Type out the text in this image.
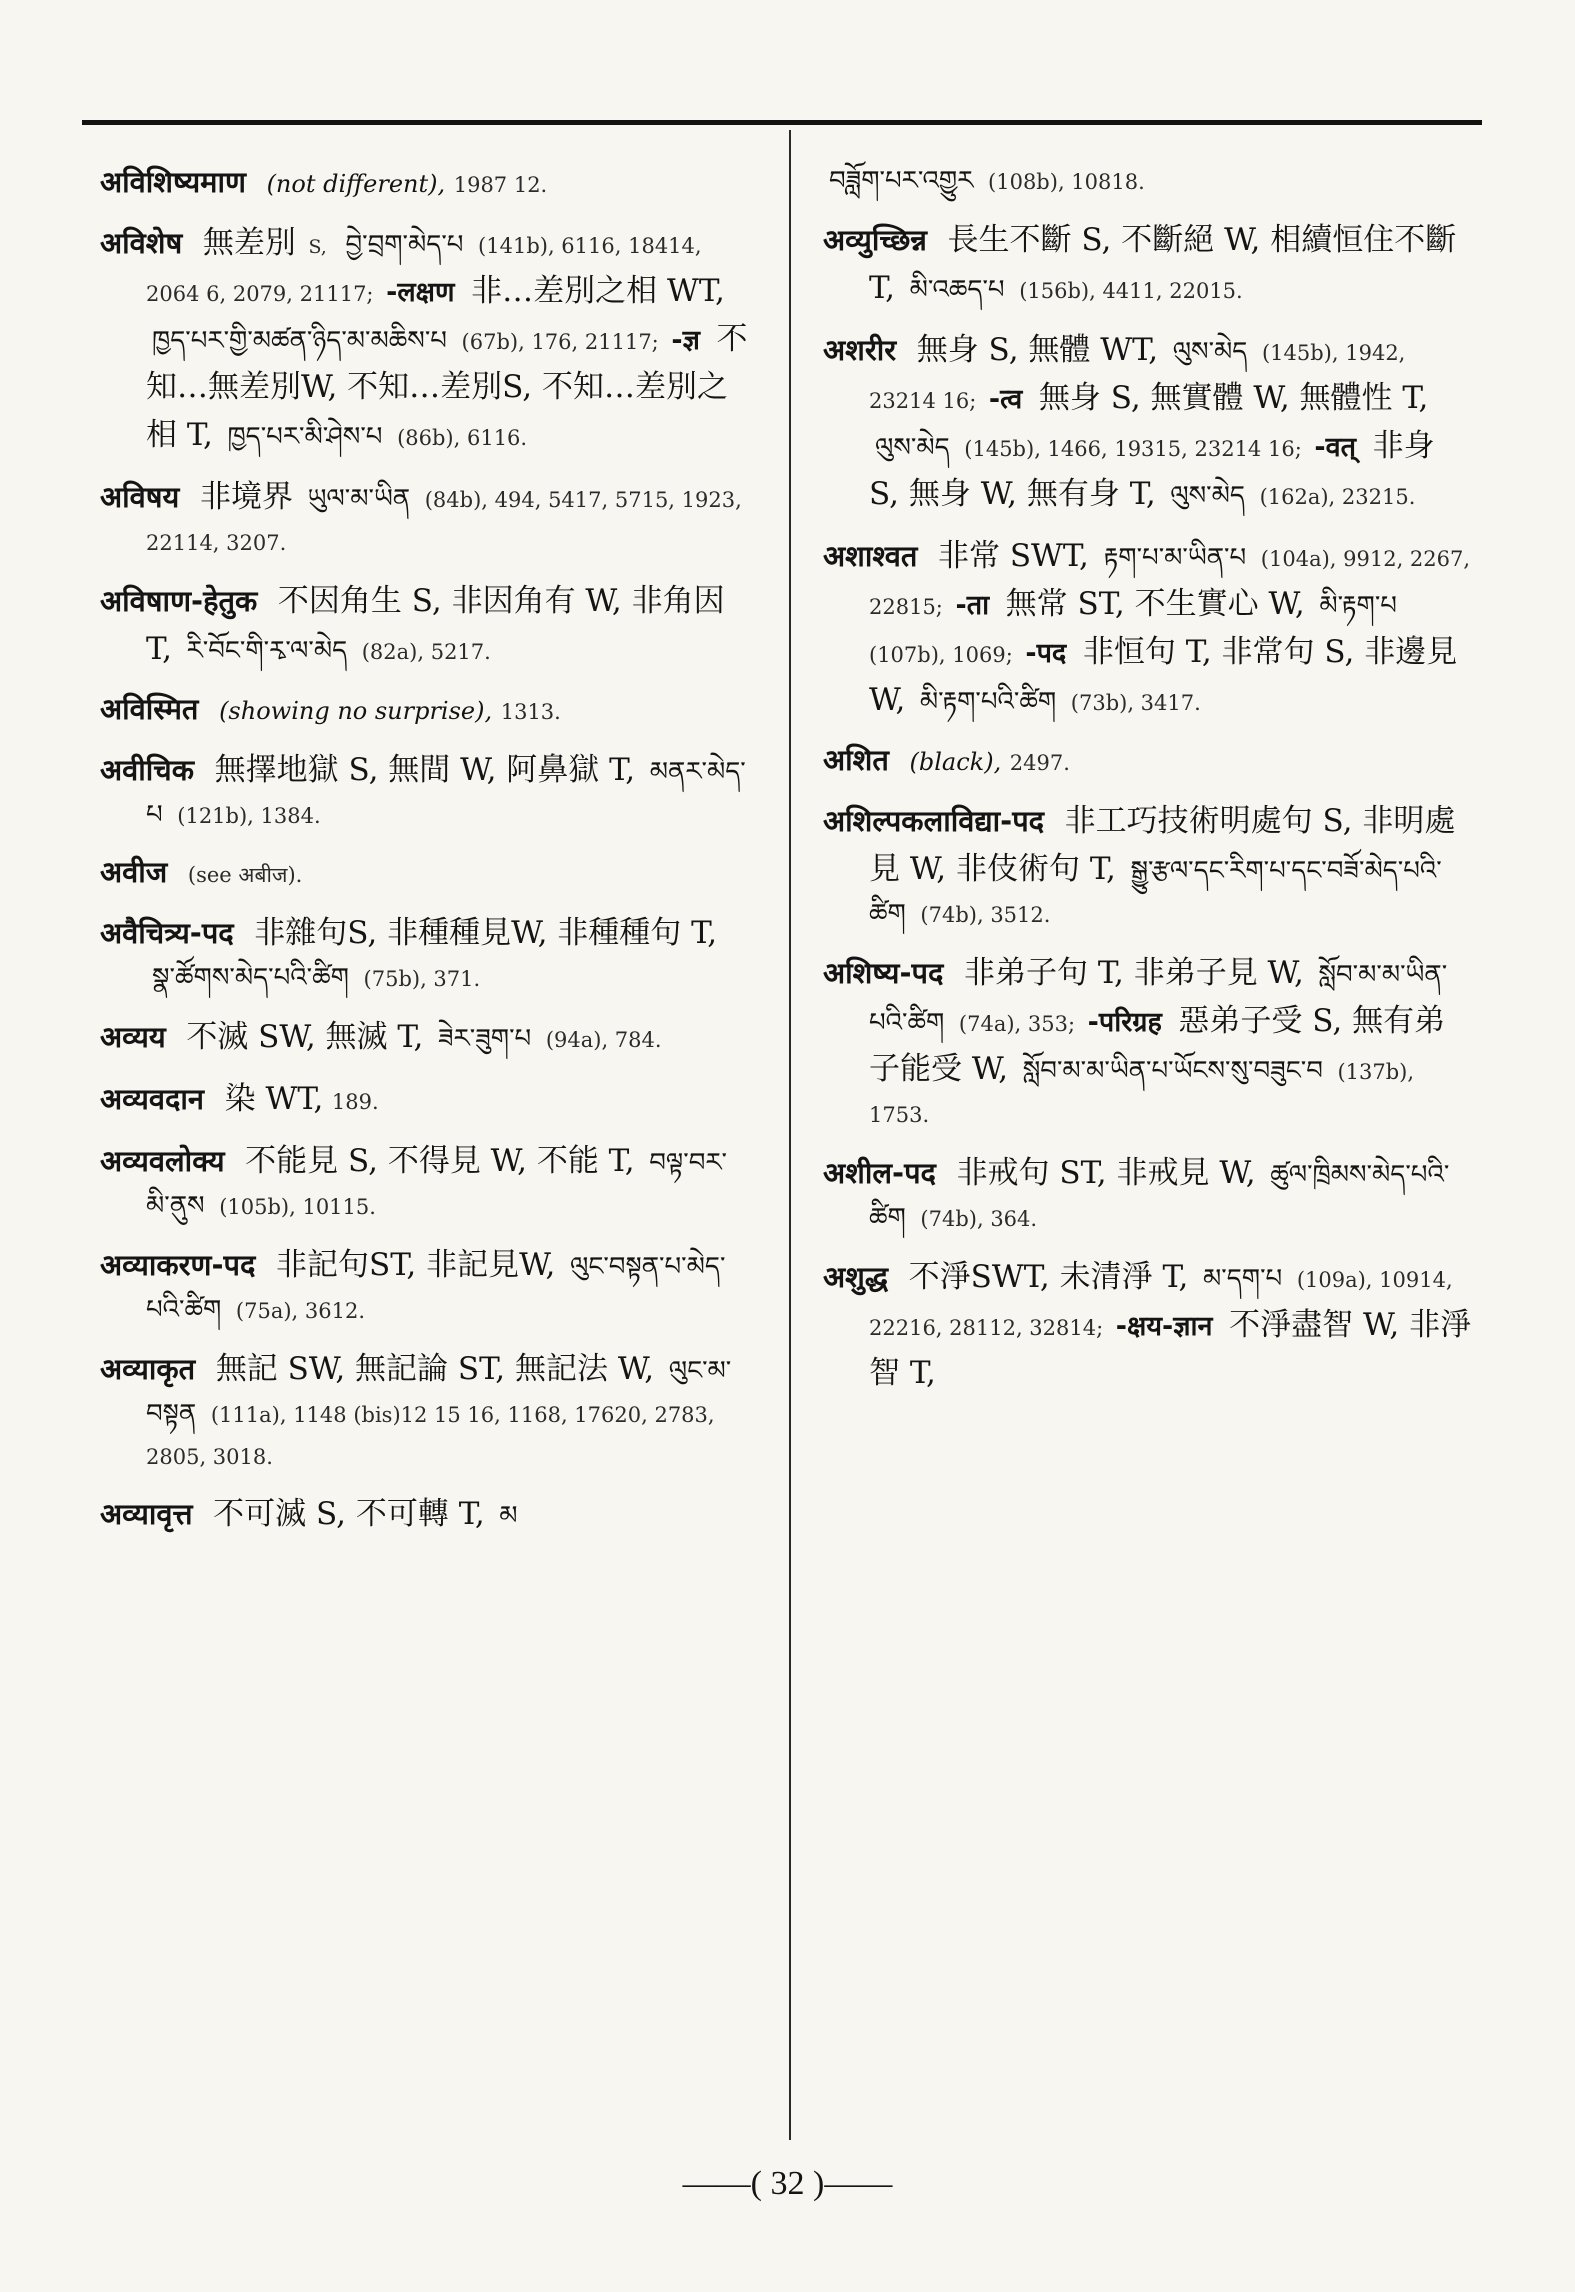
अविशिष्यमाण (not different), 1987 12.

अविशेष 無差別 S, བྱེ་བྲག་མེད་པ (141b), 6116, 18414, 2064 6, 2079, 21117; -लक्षण 非…差別之相 WT, ཁྱད་པར་གྱི་མཚན་ཉིད་མ་མཆིས་པ (67b), 176, 21117; -ज्ञ 不知…無差別W, 不知…差別S, 不知…差別之相 T, ཁྱད་པར་མི་ཤེས་པ (86b), 6116.

अविषय 非境界 ཡུལ་མ་ཡིན (84b), 494, 5417, 5715, 1923, 22114, 3207.

अविषाण-हेतुक 不因角生 S, 非因角有 W, 非角因 T, རི་བོང་གི་རྭ་ལ་མེད (82a), 5217.

अविस्मित (showing no surprise), 1313.

अवीचिक 無擇地獄 S, 無間 W, 阿鼻獄 T, མནར་མེད་པ (121b), 1384.

अवीज (see अबीज).

अवैचित्र्य-पद 非雜句S, 非種種見W, 非種種句 T, སྣ་ཚོགས་མེད་པའི་ཚིག (75b), 371.

अव्यय 不滅 SW, 無滅 T, ཟེར་ཟུག་པ (94a), 784.

अव्यवदान 染 WT, 189.

अव्यवलोक्य 不能見 S, 不得見 W, 不能 T, བལྟ་བར་མི་ནུས (105b), 10115.

अव्याकरण-पद 非記句ST, 非記見W, ལུང་བསྟན་པ་མེད་པའི་ཚིག (75a), 3612.

अव्याकृत 無記 SW, 無記論 ST, 無記法 W, ལུང་མ་བསྟན (111a), 1148 (bis)12 15 16, 1168, 17620, 2783, 2805, 3018.

अव्यावृत्त 不可滅 S, 不可轉 T, མ

བཟློག་པར་འགྱུར (108b), 10818.

अव्युच्छिन्न 長生不斷 S, 不斷絕 W, 相續恒住不斷 T, མི་འཆད་པ (156b), 4411, 22015.

अशरीर 無身 S, 無體 WT, ལུས་མེད (145b), 1942, 23214 16; -त्व 無身 S, 無實體 W, 無體性 T, ལུས་མེད (145b), 1466, 19315, 23214 16; -वत् 非身 S, 無身 W, 無有身 T, ལུས་མེད (162a), 23215.

अशाश्वत 非常 SWT, རྟག་པ་མ་ཡིན་པ (104a), 9912, 2267, 22815; -ता 無常 ST, 不生實心 W, མི་རྟག་པ (107b), 1069; -पद 非恒句 T, 非常句 S, 非邊見 W, མི་རྟག་པའི་ཚིག (73b), 3417.

अशित (black), 2497.

अशिल्पकलाविद्या-पद 非工巧技術明處句 S, 非明處見 W, 非伎術句 T, སྒྱུ་རྩལ་དང་རིག་པ་དང་བཟོ་མེད་པའི་ཚིག (74b), 3512.

अशिष्य-पद 非弟子句 T, 非弟子見 W, སློབ་མ་མ་ཡིན་པའི་ཚིག (74a), 353; -परिग्रह 惡弟子受 S, 無有弟子能受 W, སློབ་མ་མ་ཡིན་པ་ཡོངས་སུ་བཟུང་བ (137b), 1753.

अशील-पद 非戒句 ST, 非戒見 W, ཚུལ་ཁྲིམས་མེད་པའི་ཚིག (74b), 364.

अशुद्ध 不淨SWT, 未清淨 T, མ་དག་པ (109a), 10914, 22216, 28112, 32814; -क्षय-ज्ञान 不淨盡智 W, 非淨智 T,

——( 32 )——
